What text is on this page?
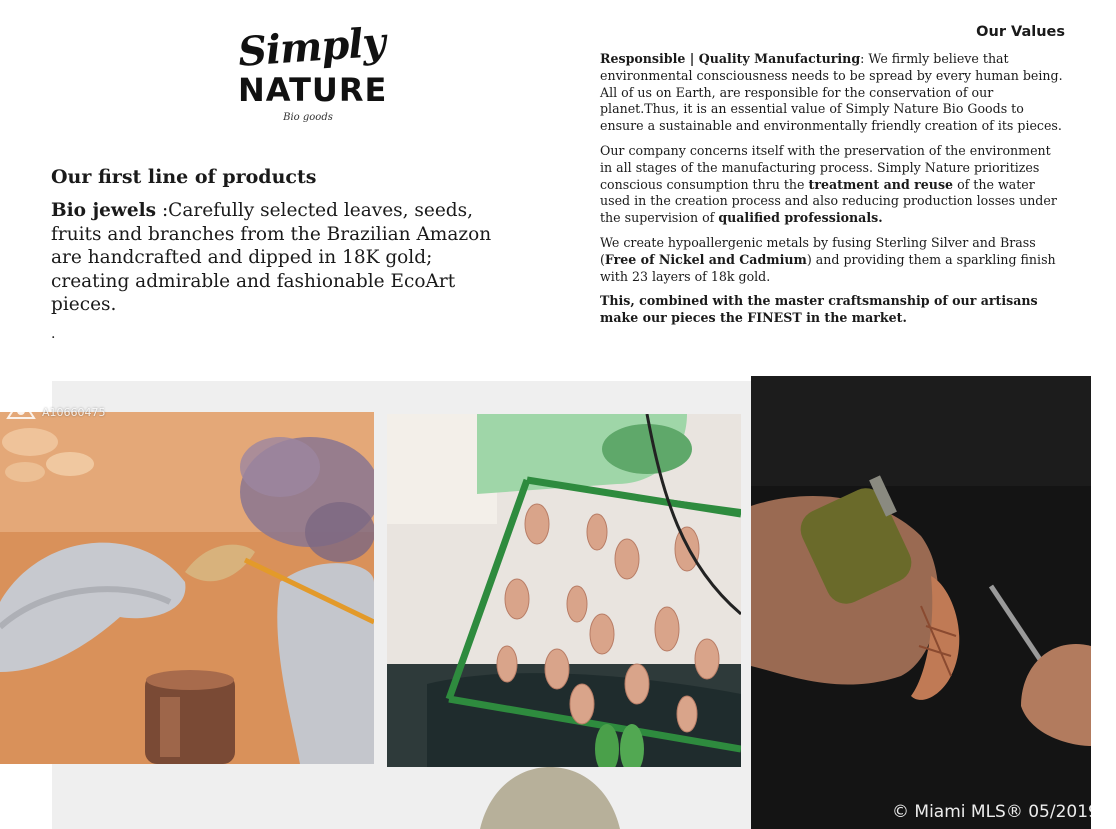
Simply
NATURE
Bio goods
Our first line of products

Bio jewels :Carefully selected leaves, seeds, fruits and branches from the Brazilian Amazon are handcrafted and dipped in 18K gold; creating admirable and fashionable EcoArt pieces.

.
Our Values

Responsible | Quality Manufacturing: We firmly believe that environmental consciousness needs to be spread by every human being. All of us on Earth, are responsible for the conservation of our planet.Thus, it is an essential value of Simply Nature Bio Goods to ensure a sustainable and environmentally friendly creation of its pieces.

Our company concerns itself with the preservation of the environment in all stages of the manufacturing process. Simply Nature prioritizes conscious consumption thru the treatment and reuse of the water used in the creation process and also reducing production losses under the supervision of qualified professionals.

We create hypoallergenic metals by fusing Sterling Silver and Brass (Free of Nickel and Cadmium) and providing them a sparkling finish with 23 layers of 18k gold.

This, combined with the master craftsmanship of our artisans make our pieces the FINEST in the market.

A10660475
© Miami MLS® 05/2019
